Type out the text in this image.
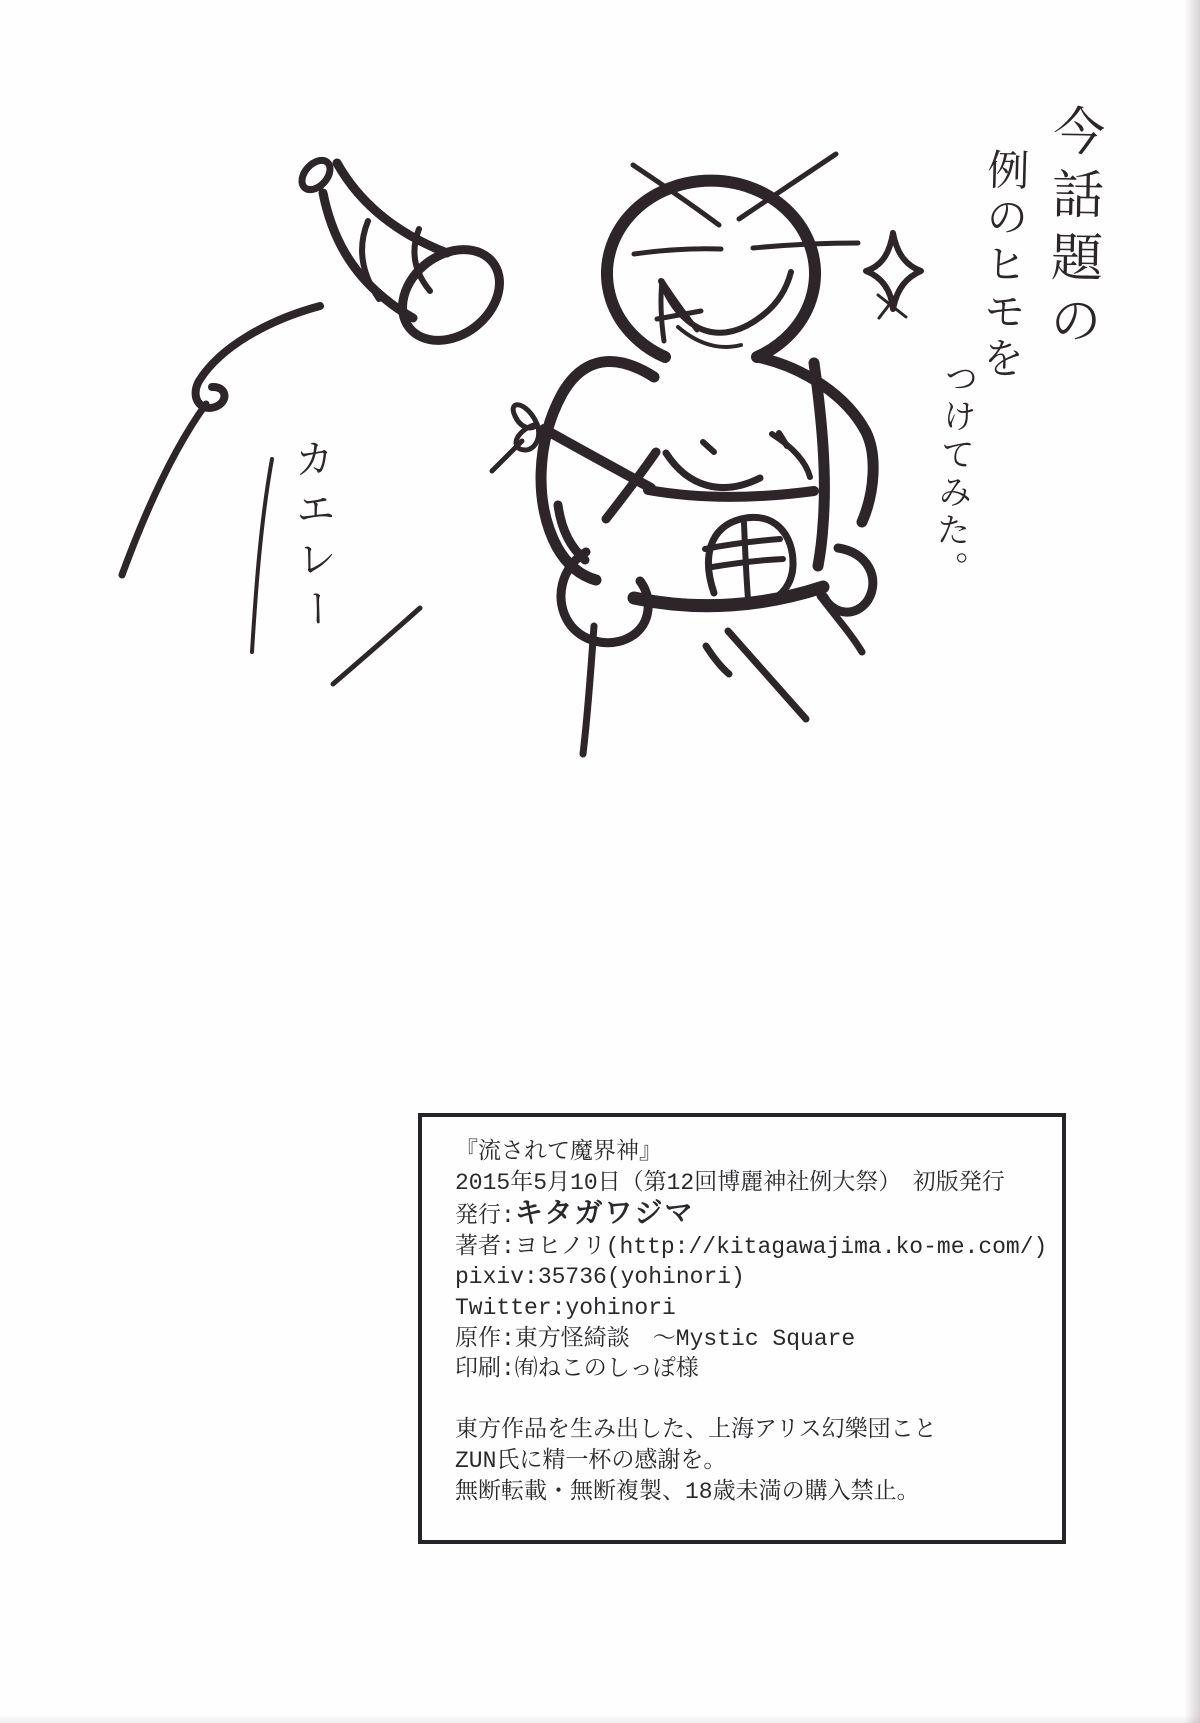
今話題の
例のヒモを
つけてみた。
カエレー
『流されて魔界神』
2015年5月10日（第12回博麗神社例大祭）　初版発行
発行:キタガワジマ
著者:ヨヒノリ(http://kitagawajima.ko-me.com/)
pixiv:35736(yohinori)
Twitter:yohinori
原作:東方怪綺談　～Mystic Square
印刷:㈲ねこのしっぽ様
東方作品を生み出した、上海アリス幻樂団こと
ZUN氏に精一杯の感謝を。
無断転載・無断複製、18歳未満の購入禁止。
